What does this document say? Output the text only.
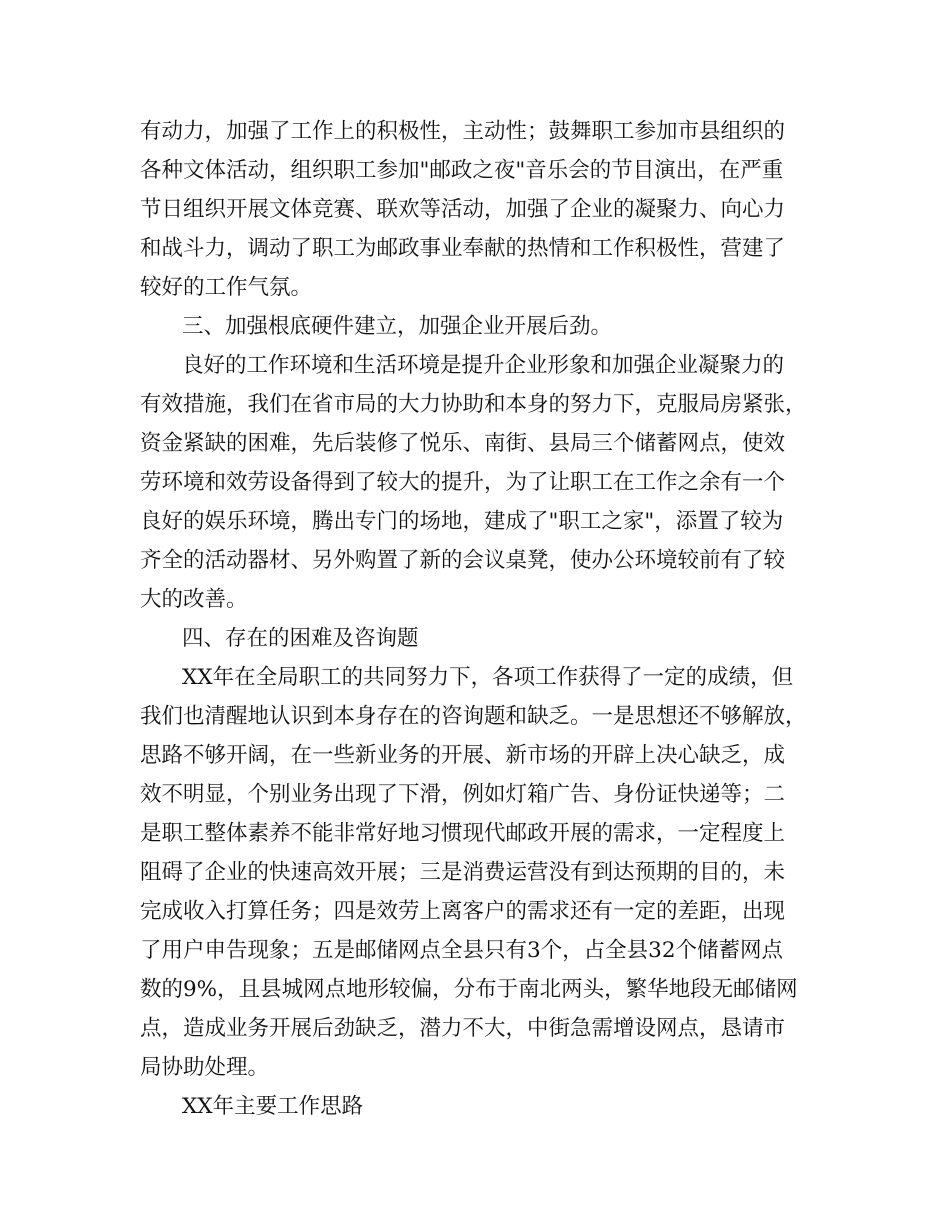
有动力，加强了工作上的积极性，主动性；鼓舞职工参加市县组织的
各种文体活动，组织职工参加"邮政之夜"音乐会的节目演出，在严重
节日组织开展文体竞赛、联欢等活动，加强了企业的凝聚力、向心力
和战斗力，调动了职工为邮政事业奉献的热情和工作积极性，营建了
较好的工作气氛。
三、加强根底硬件建立，加强企业开展后劲。
良好的工作环境和生活环境是提升企业形象和加强企业凝聚力的
有效措施，我们在省市局的大力协助和本身的努力下，克服局房紧张，
资金紧缺的困难，先后装修了悦乐、南街、县局三个储蓄网点，使效
劳环境和效劳设备得到了较大的提升，为了让职工在工作之余有一个
良好的娱乐环境，腾出专门的场地，建成了"职工之家"，添置了较为
齐全的活动器材、另外购置了新的会议桌凳，使办公环境较前有了较
大的改善。
四、存在的困难及咨询题
XX年在全局职工的共同努力下，各项工作获得了一定的成绩，但
我们也清醒地认识到本身存在的咨询题和缺乏。一是思想还不够解放，
思路不够开阔，在一些新业务的开展、新市场的开辟上决心缺乏，成
效不明显，个别业务出现了下滑，例如灯箱广告、身份证快递等；二
是职工整体素养不能非常好地习惯现代邮政开展的需求，一定程度上
阻碍了企业的快速高效开展；三是消费运营没有到达预期的目的，未
完成收入打算任务；四是效劳上离客户的需求还有一定的差距，出现
了用户申告现象；五是邮储网点全县只有3个，占全县32个储蓄网点
数的9%，且县城网点地形较偏，分布于南北两头，繁华地段无邮储网
点，造成业务开展后劲缺乏，潜力不大，中街急需增设网点，恳请市
局协助处理。
XX年主要工作思路
